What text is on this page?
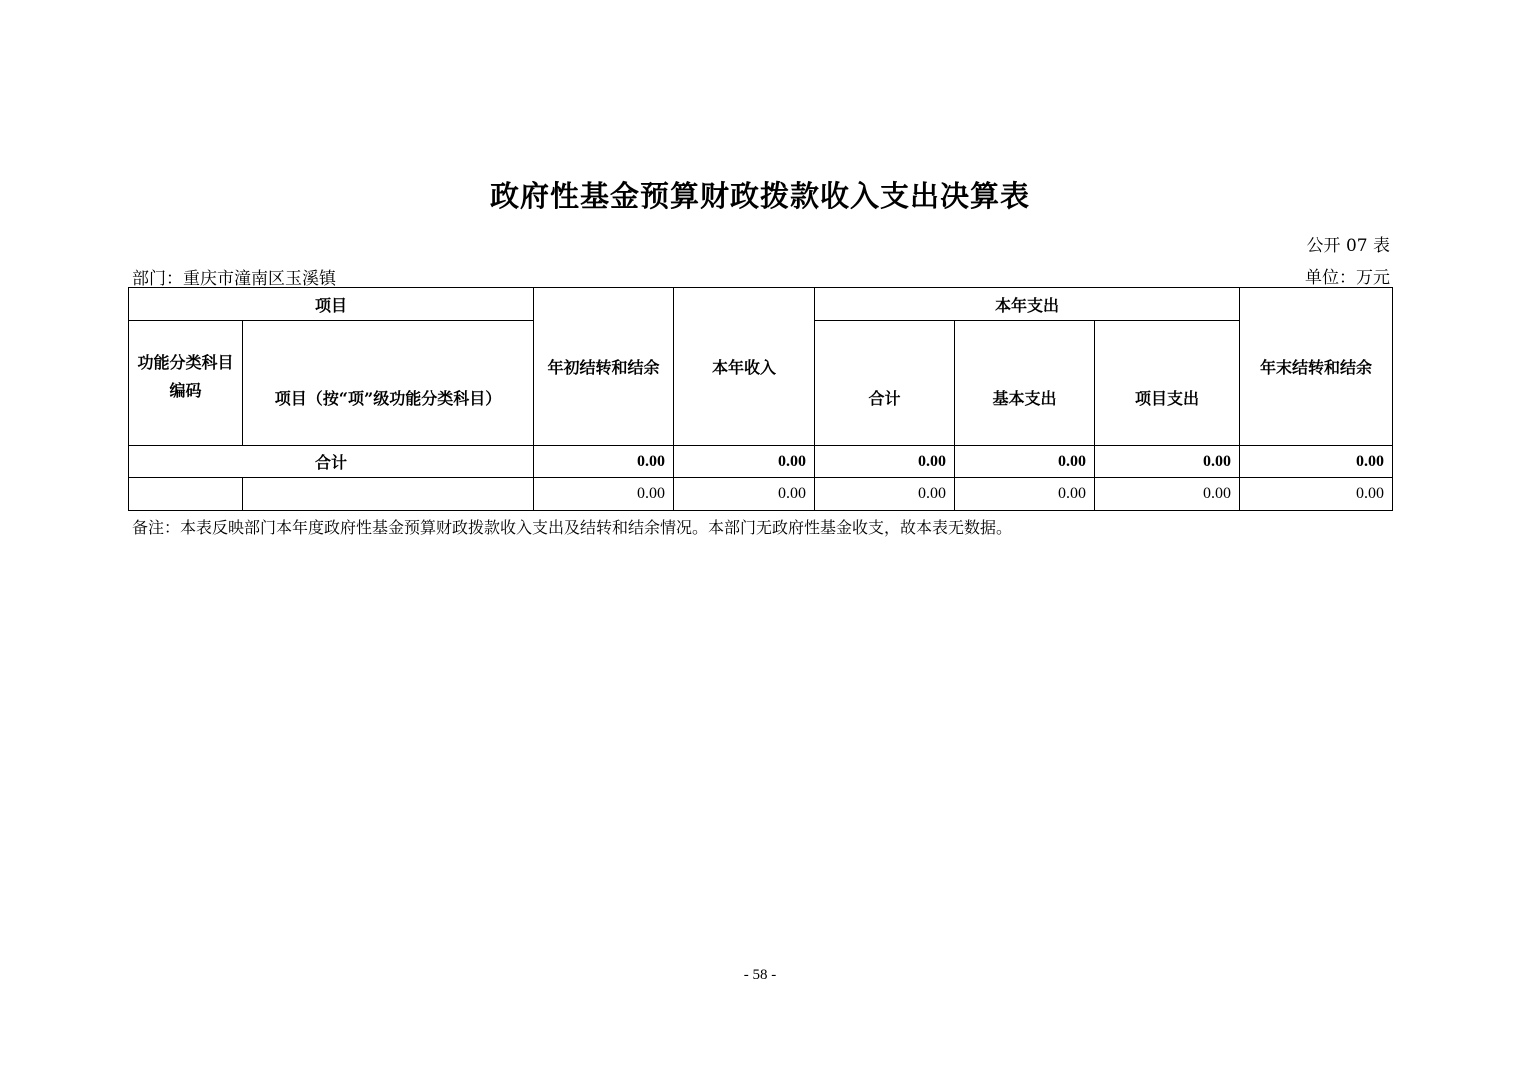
政府性基金预算财政拨款收入支出决算表
公开 07 表
部门：重庆市潼南区玉溪镇	单位：万元
项目		年初结转和结余	本年收入	本年支出			年末结转和结余
功能分类科目编码	项目（按“项”级功能分类科目）			合计	基本支出	项目支出	
合计		0.00	0.00	0.00	0.00	0.00	0.00
		0.00	0.00	0.00	0.00	0.00	0.00
备注：本表反映部门本年度政府性基金预算财政拨款收入支出及结转和结余情况。本部门无政府性基金收支，故本表无数据。
- 58 -
